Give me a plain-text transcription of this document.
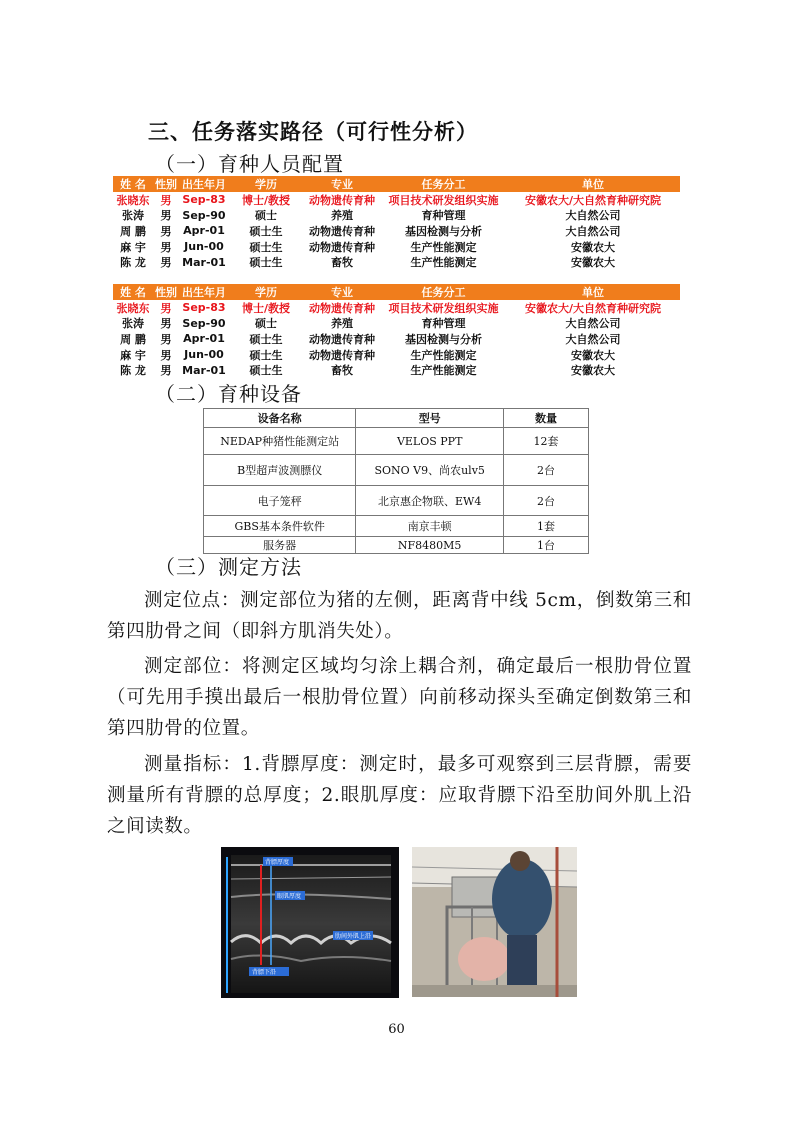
三、任务落实路径（可行性分析）
（一）育种人员配置
姓 名 性别 出生年月	学历	专业	任务分工	单位
张晓东	男 Sep-83	博士/教授	动物遗传育种	项目技术研发组织实施	安徽农大/大自然育种研究院
张涛	男 Sep-90	硕士	养殖	育种管理	大自然公司
周 鹏	男	Apr-01	硕士生	动物遗传育种	基因检测与分析	大自然公司
麻 宇	男	Jun-00	硕士生	动物遗传育种	生产性能测定	安徽农大
陈 龙	男 Mar-01	硕士生	畜牧	生产性能测定	安徽农大
姓 名 性别 出生年月	学历	专业	任务分工	单位
张晓东	男 Sep-83	博士/教授	动物遗传育种	项目技术研发组织实施	安徽农大/大自然育种研究院
张涛	男 Sep-90	硕士	养殖	育种管理	大自然公司
周 鹏	男	Apr-01	硕士生	动物遗传育种	基因检测与分析	大自然公司
麻 宇	男	Jun-00	硕士生	动物遗传育种	生产性能测定	安徽农大
陈 龙	男 Mar-01	硕士生	畜牧	生产性能测定	安徽农大
（二）育种设备
设备名称	型号	数量
NEDAP种猪性能测定站	VELOS PPT	12套
B型超声波测膘仪	SONO V9、尚农ulv5	2台
电子笼秤	北京惠企物联、EW4	2台
GBS基本条件软件	南京丰顿	1套
服务器	NF8480M5	1台
（三）测定方法
测定位点：测定部位为猪的左侧，距离背中线 5cm，倒数第三和第四肋骨之间（即斜方肌消失处）。
测定部位：将测定区域均匀涂上耦合剂，确定最后一根肋骨位置（可先用手摸出最后一根肋骨位置）向前移动探头至确定倒数第三和第四肋骨的位置。
测量指标：1.背膘厚度：测定时，最多可观察到三层背膘，需要测量所有背膘的总厚度；2.眼肌厚度：应取背膘下沿至肋间外肌上沿之间读数。
背膘厚度
眼肌厚度
肋间外肌上沿
背膘下沿
60
